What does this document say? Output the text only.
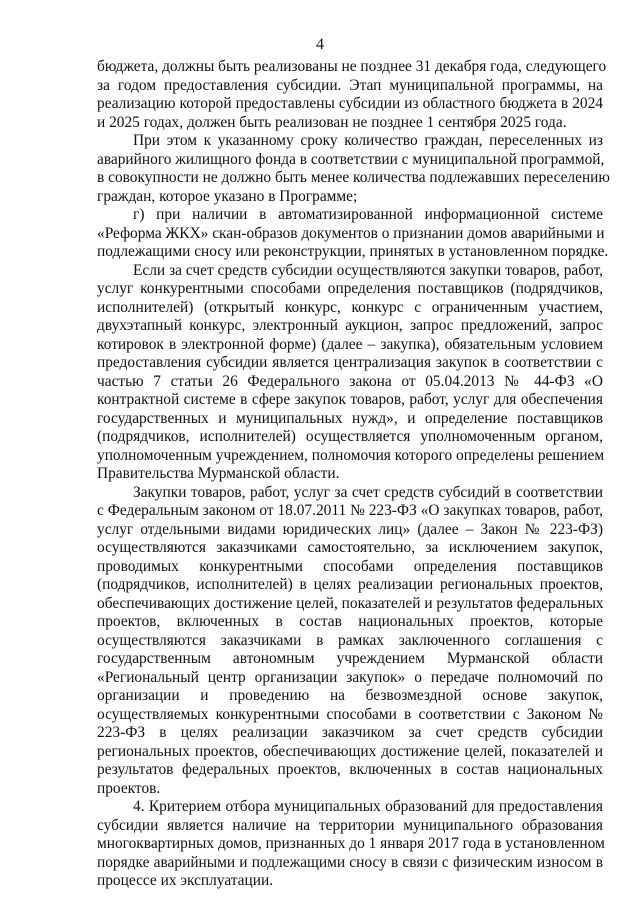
4
бюджета, должны быть реализованы не позднее 31 декабря года, следующего
за годом предоставления субсидии. Этап муниципальной программы, на
реализацию которой предоставлены субсидии из областного бюджета в 2024
и 2025 годах, должен быть реализован не позднее 1 сентября 2025 года.
При этом к указанному сроку количество граждан, переселенных из
аварийного жилищного фонда в соответствии с муниципальной программой,
в совокупности не должно быть менее количества подлежавших переселению
граждан, которое указано в Программе;
г) при наличии в автоматизированной информационной системе
«Реформа ЖКХ» скан-образов документов о признании домов аварийными и
подлежащими сносу или реконструкции, принятых в установленном порядке.
Если за счет средств субсидии осуществляются закупки товаров, работ,
услуг конкурентными способами определения поставщиков (подрядчиков,
исполнителей) (открытый конкурс, конкурс с ограниченным участием,
двухэтапный конкурс, электронный аукцион, запрос предложений, запрос
котировок в электронной форме) (далее – закупка), обязательным условием
предоставления субсидии является централизация закупок в соответствии с
частью 7 статьи 26 Федерального закона от 05.04.2013 № 44-ФЗ «О
контрактной системе в сфере закупок товаров, работ, услуг для обеспечения
государственных и муниципальных нужд», и определение поставщиков
(подрядчиков, исполнителей) осуществляется уполномоченным органом,
уполномоченным учреждением, полномочия которого определены решением
Правительства Мурманской области.
Закупки товаров, работ, услуг за счет средств субсидий в соответствии
с Федеральным законом от 18.07.2011 № 223-ФЗ «О закупках товаров, работ,
услуг отдельными видами юридических лиц» (далее – Закон № 223-ФЗ)
осуществляются заказчиками самостоятельно, за исключением закупок,
проводимых конкурентными способами определения поставщиков
(подрядчиков, исполнителей) в целях реализации региональных проектов,
обеспечивающих достижение целей, показателей и результатов федеральных
проектов, включенных в состав национальных проектов, которые
осуществляются заказчиками в рамках заключенного соглашения с
государственным автономным учреждением Мурманской области
«Региональный центр организации закупок» о передаче полномочий по
организации и проведению на безвозмездной основе закупок,
осуществляемых конкурентными способами в соответствии с Законом №
223-ФЗ в целях реализации заказчиком за счет средств субсидии
региональных проектов, обеспечивающих достижение целей, показателей и
результатов федеральных проектов, включенных в состав национальных
проектов.
4. Критерием отбора муниципальных образований для предоставления
субсидии является наличие на территории муниципального образования
многоквартирных домов, признанных до 1 января 2017 года в установленном
порядке аварийными и подлежащими сносу в связи с физическим износом в
процессе их эксплуатации.
